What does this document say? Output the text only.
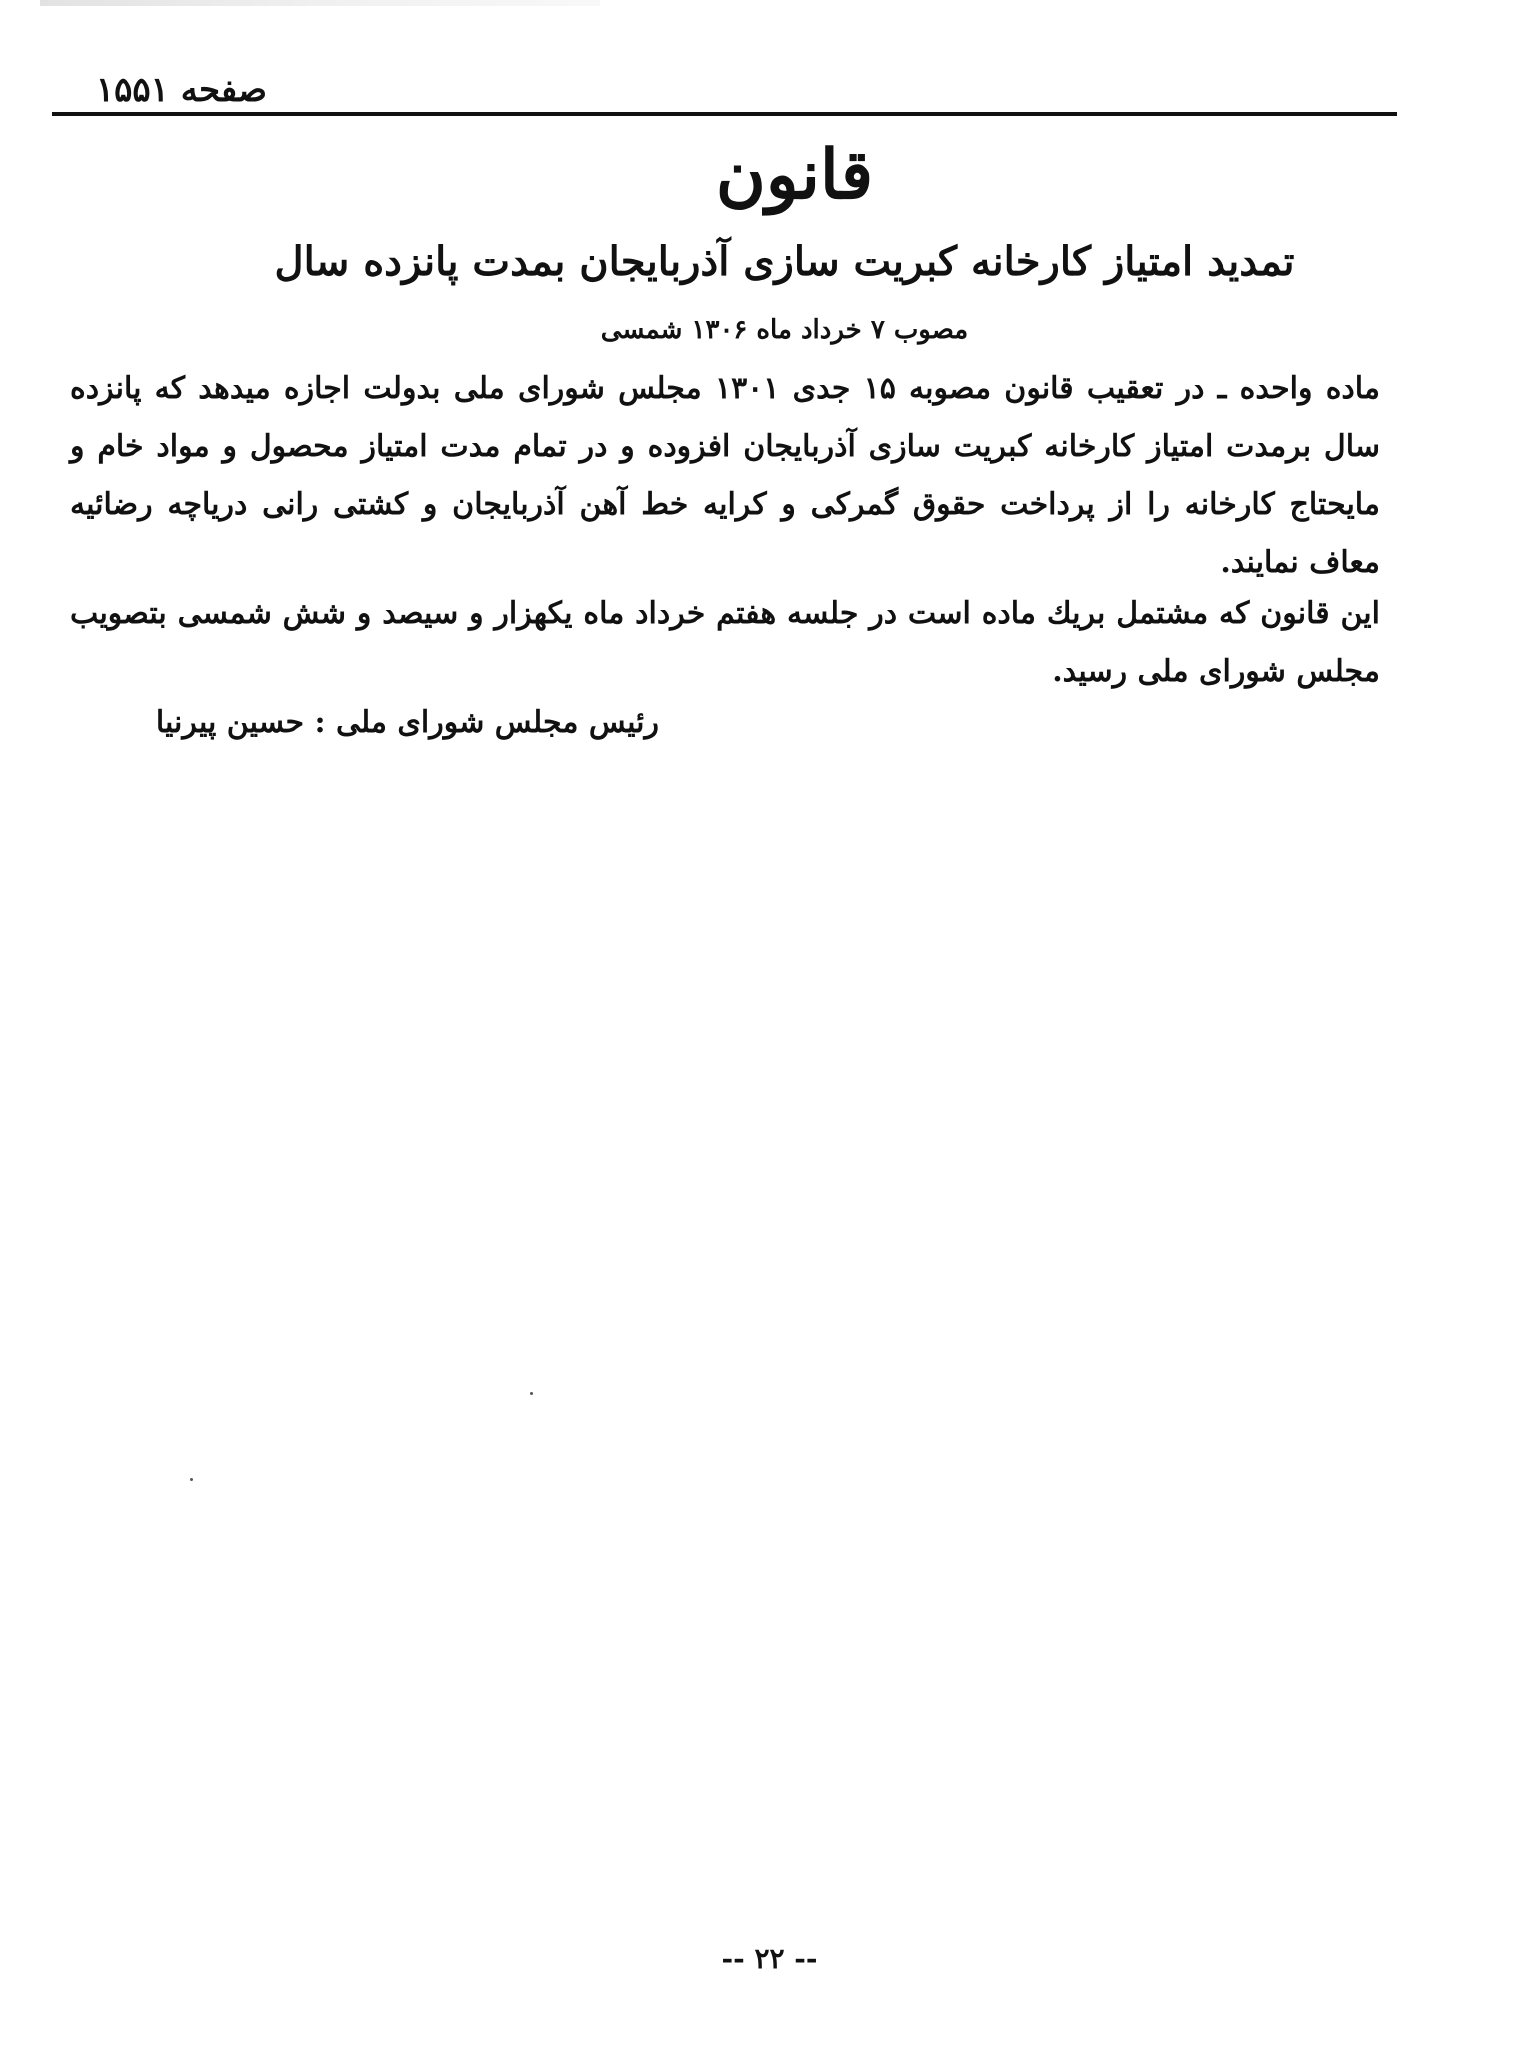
صفحه ۱۵۵۱
قانون
تمدید امتیاز کارخانه کبریت سازی آذربایجان بمدت پانزده سال
مصوب ۷ خرداد ماه ۱۳۰۶ شمسی
ماده واحده ـ در تعقیب قانون مصوبه ۱۵ جدی ۱۳۰۱ مجلس شورای ملی بدولت اجازه میدهد که پانزده سال برمدت امتیاز کارخانه کبریت سازی آذربایجان افزوده و در تمام مدت امتیاز محصول و مواد خام و مایحتاج کارخانه را از پرداخت حقوق گمرکی و کرایه خط آهن آذربایجان و کشتی رانی دریاچه رضائیه معاف نمایند.
این قانون که مشتمل بریك ماده است در جلسه هفتم خرداد ماه یکهزار و سیصد و شش شمسی بتصویب مجلس شورای ملی رسید.
رئیس مجلس شورای ملی : حسین پیرنیا
-- ۲۲ --
